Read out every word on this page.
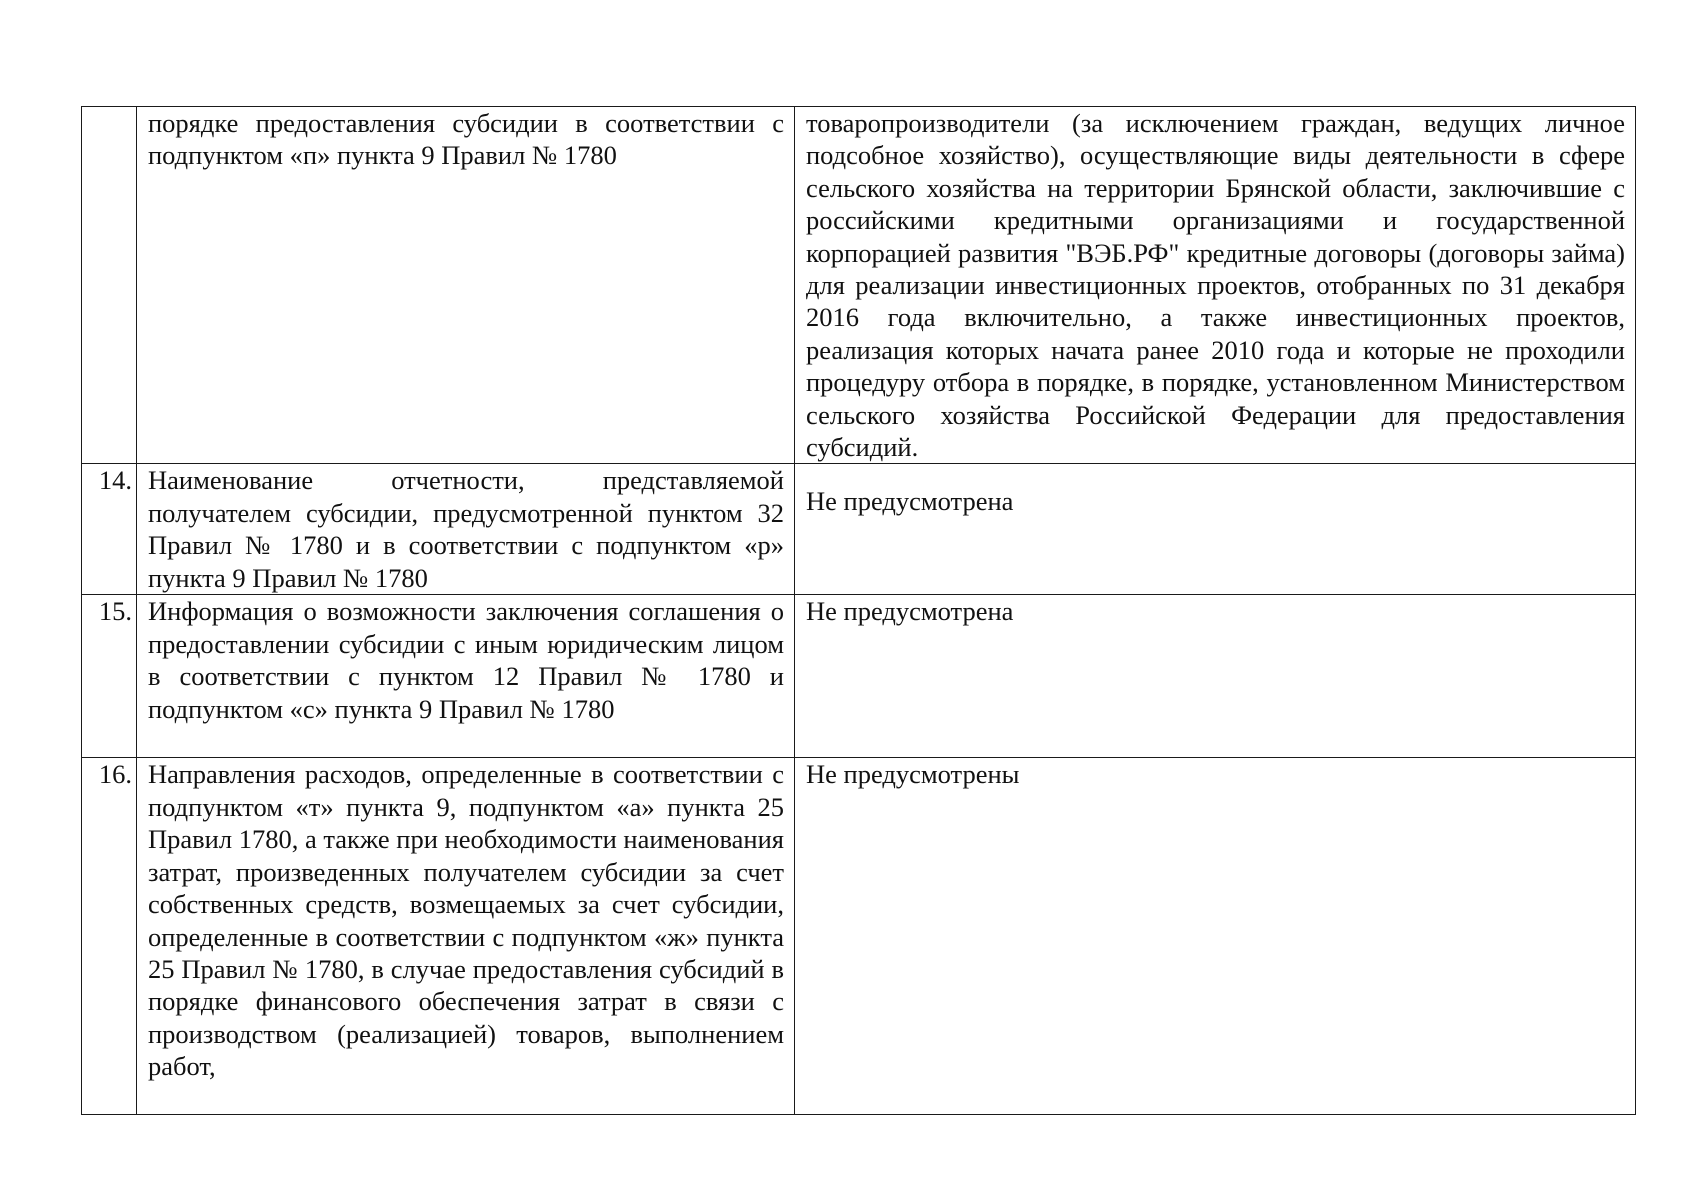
	порядке предоставления субсидии в соответствии с подпунктом «п» пункта 9 Правил № 1780	товаропроизводители (за исключением граждан, ведущих личное подсобное хозяйство), осуществляющие виды деятельности в сфере сельского хозяйства на территории Брянской области, заключившие с российскими кредитными организациями и государственной корпорацией развития "ВЭБ.РФ" кредитные договоры (договоры займа) для реализации инвестиционных проектов, отобранных по 31 декабря 2016 года включительно, а также инвестиционных проектов, реализация которых начата ранее 2010 года и которые не проходили процедуру отбора в порядке, в порядке, установленном Министерством сельского хозяйства Российской Федерации для предоставления субсидий.

14.	Наименование отчетности, представляемой получателем субсидии, предусмотренной пунктом 32 Правил № 1780 и в соответствии с подпунктом «р» пункта 9 Правил № 1780	Не предусмотрена

15.	Информация о возможности заключения соглашения о предоставлении субсидии с иным юридическим лицом в соответствии с пунктом 12 Правил № 1780 и подпунктом «с» пункта 9 Правил № 1780	Не предусмотрена

16.	Направления расходов, определенные в соответствии с подпунктом «т» пункта 9, подпунктом «а» пункта 25 Правил 1780, а также при необходимости наименования затрат, произведенных получателем субсидии за счет собственных средств, возмещаемых за счет субсидии, определенные в соответствии с подпунктом «ж» пункта 25 Правил № 1780, в случае предоставления субсидий в порядке финансового обеспечения затрат в связи с производством (реализацией) товаров, выполнением работ,	Не предусмотрены
